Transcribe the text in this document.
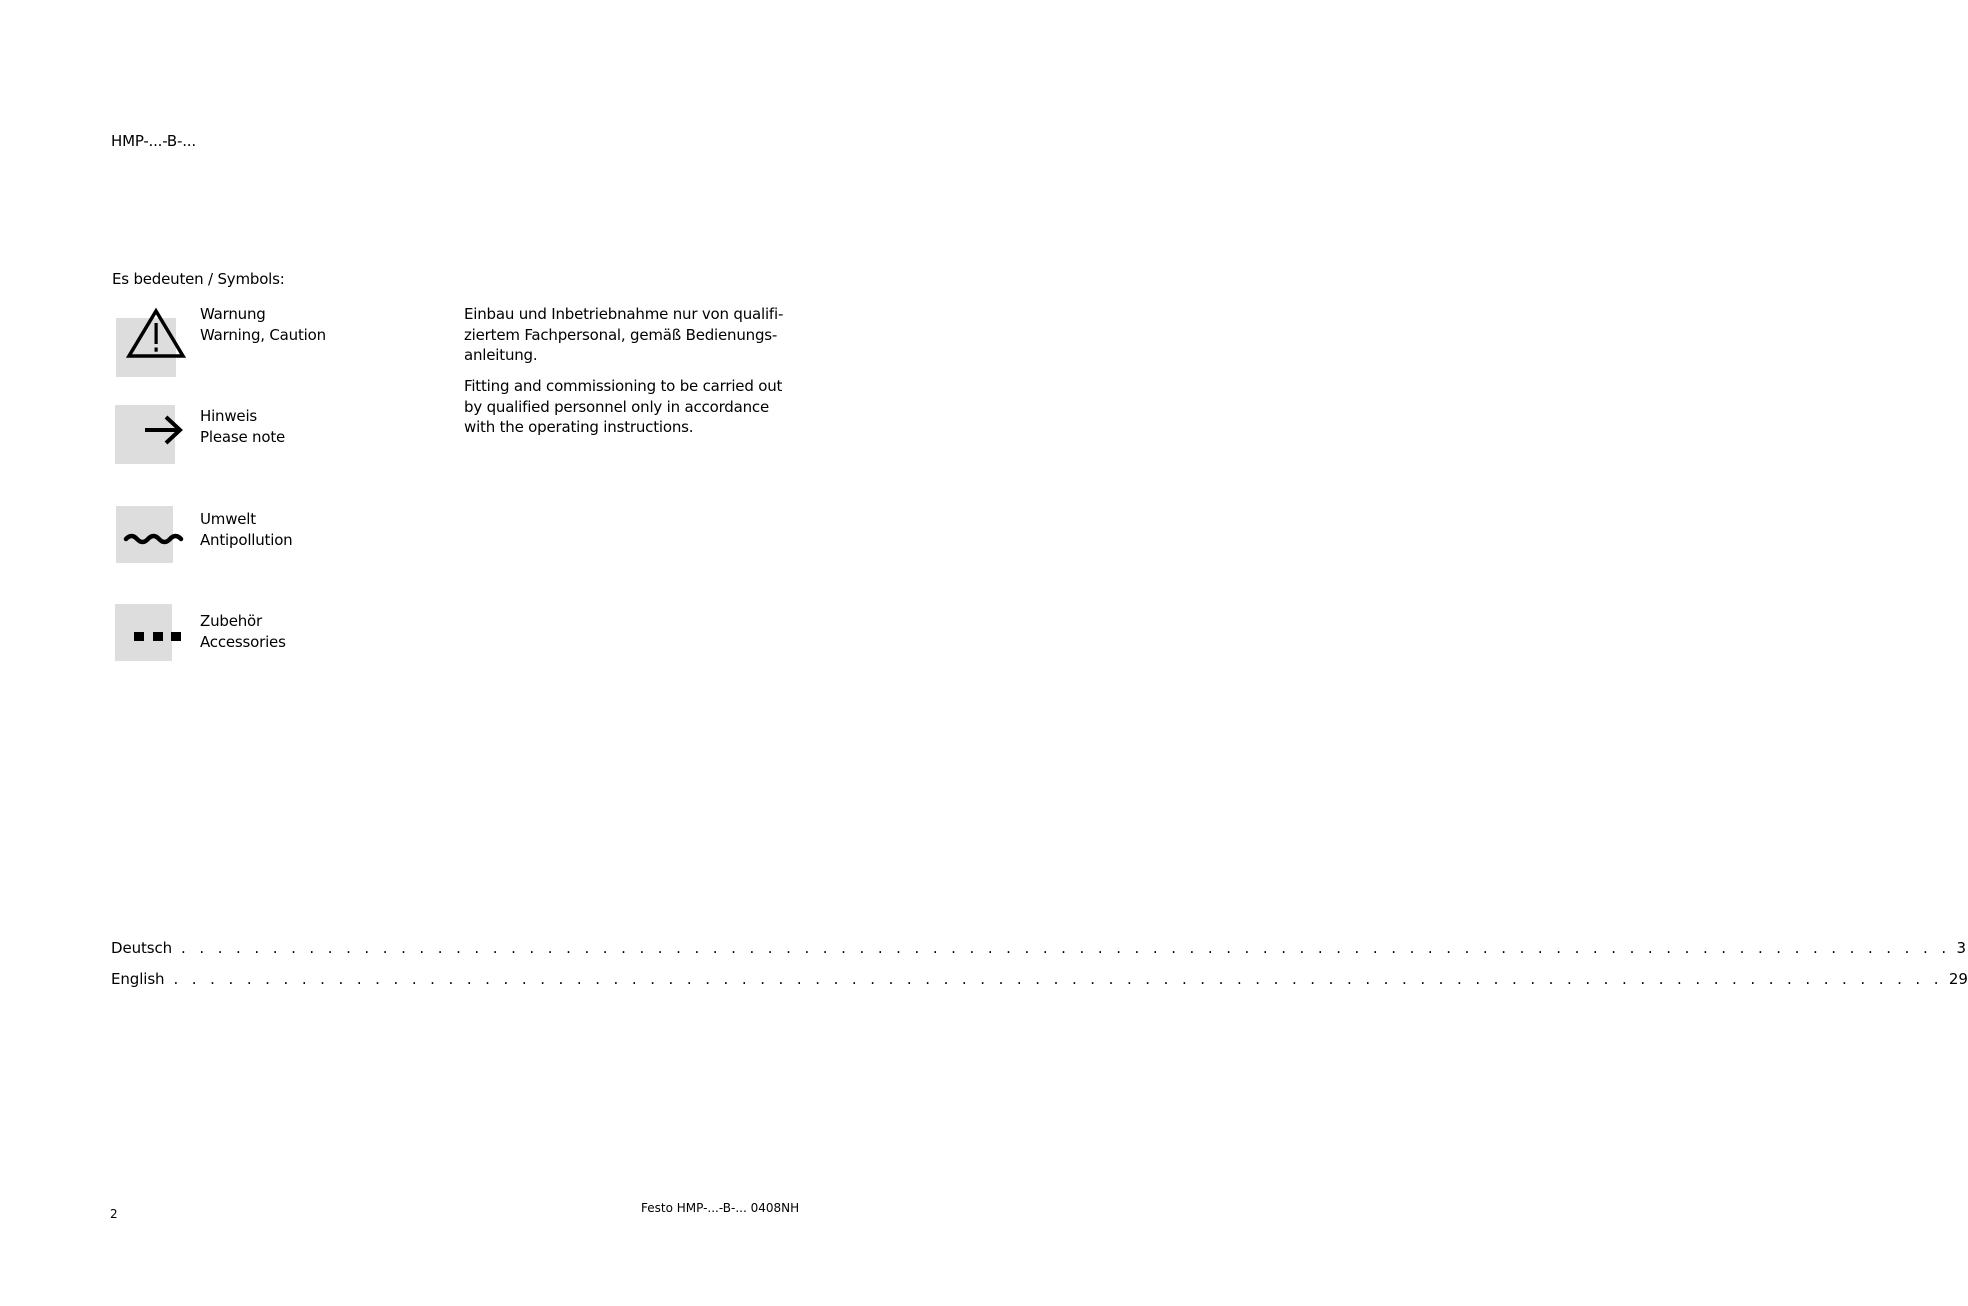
HMP-...-B-...
Es bedeuten / Symbols:
Warnung
Warning, Caution
Hinweis
Please note
Umwelt
Antipollution
Zubehör
Accessories
Einbau und Inbetriebnahme nur von qualifi-
ziertem Fachpersonal, gemäß Bedienungs-
anleitung.
Fitting and commissioning to be carried out
by qualified personnel only in accordance
with the operating instructions.
Deutsch . . . . . . . . . . . . . . . . . . . . . . . . . . . . . . . . . . . . . . . . . . . . . . . . . . . . . . . . . . . . . . . . . . . . . . . . . . . . . . . . . . . . . . . . . . . . . . . . . 3
English . . . . . . . . . . . . . . . . . . . . . . . . . . . . . . . . . . . . . . . . . . . . . . . . . . . . . . . . . . . . . . . . . . . . . . . . . . . . . . . . . . . . . . . . . . . . . . . . . 29
2	Festo HMP-...-B-... 0408NH
